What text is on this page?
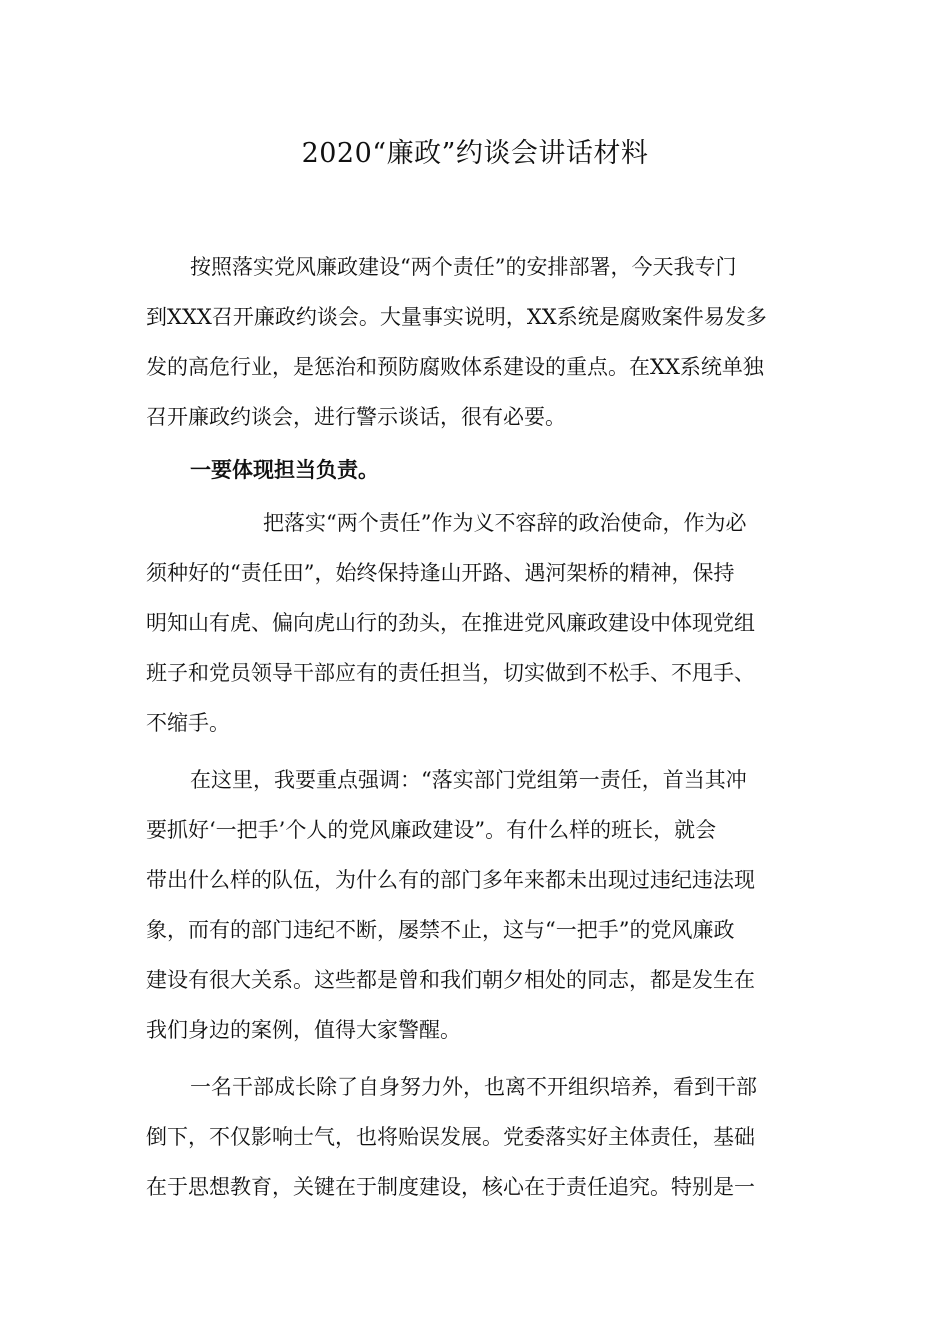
2020“廉政”约谈会讲话材料

按照落实党风廉政建设“两个责任”的安排部署，今天我专门

到XXX召开廉政约谈会。大量事实说明，XX系统是腐败案件易发多

发的高危行业，是惩治和预防腐败体系建设的重点。在XX系统单独

召开廉政约谈会，进行警示谈话，很有必要。

一要体现担当负责。

把落实“两个责任”作为义不容辞的政治使命，作为必

须种好的“责任田”，始终保持逢山开路、遇河架桥的精神，保持

明知山有虎、偏向虎山行的劲头，在推进党风廉政建设中体现党组

班子和党员领导干部应有的责任担当，切实做到不松手、不甩手、

不缩手。

在这里，我要重点强调：“落实部门党组第一责任，首当其冲

要抓好‘一把手’个人的党风廉政建设”。有什么样的班长，就会

带出什么样的队伍，为什么有的部门多年来都未出现过违纪违法现

象，而有的部门违纪不断，屡禁不止，这与“一把手”的党风廉政

建设有很大关系。这些都是曾和我们朝夕相处的同志，都是发生在

我们身边的案例，值得大家警醒。

一名干部成长除了自身努力外，也离不开组织培养，看到干部

倒下，不仅影响士气，也将贻误发展。党委落实好主体责任，基础

在于思想教育，关键在于制度建设，核心在于责任追究。特别是一
